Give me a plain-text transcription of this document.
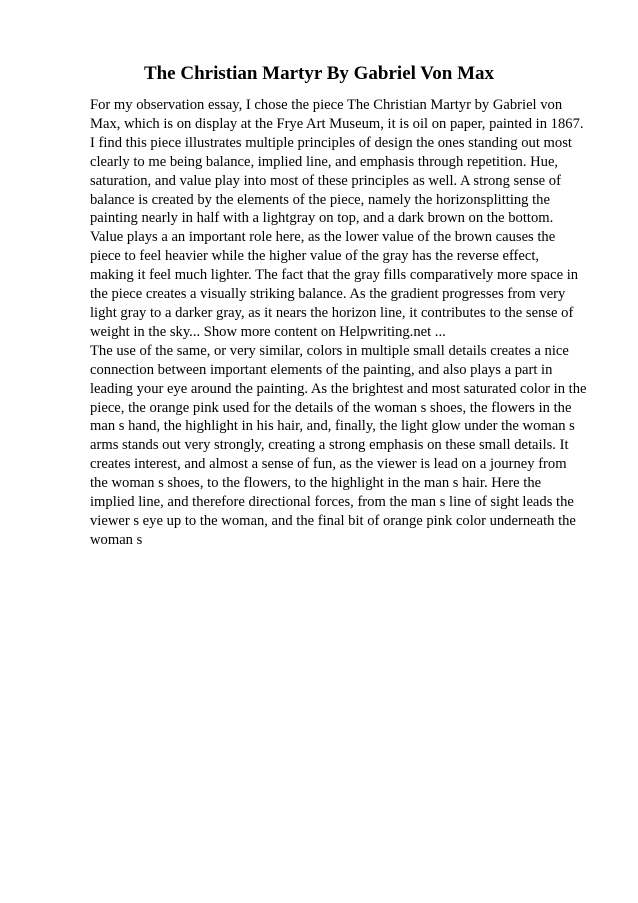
The Christian Martyr By Gabriel Von Max
For my observation essay, I chose the piece The Christian Martyr by Gabriel von
Max, which is on display at the Frye Art Museum, it is oil on paper, painted in 1867.
I find this piece illustrates multiple principles of design the ones standing out most
clearly to me being balance, implied line, and emphasis through repetition. Hue,
saturation, and value play into most of these principles as well. A strong sense of
balance is created by the elements of the piece, namely the horizonsplitting the
painting nearly in half with a lightgray on top, and a dark brown on the bottom.
Value plays a an important role here, as the lower value of the brown causes the
piece to feel heavier while the higher value of the gray has the reverse effect,
making it feel much lighter. The fact that the gray fills comparatively more space in
the piece creates a visually striking balance. As the gradient progresses from very
light gray to a darker gray, as it nears the horizon line, it contributes to the sense of
weight in the sky... Show more content on Helpwriting.net ...
The use of the same, or very similar, colors in multiple small details creates a nice
connection between important elements of the painting, and also plays a part in
leading your eye around the painting. As the brightest and most saturated color in the
piece, the orange pink used for the details of the woman s shoes, the flowers in the
man s hand, the highlight in his hair, and, finally, the light glow under the woman s
arms stands out very strongly, creating a strong emphasis on these small details. It
creates interest, and almost a sense of fun, as the viewer is lead on a journey from
the woman s shoes, to the flowers, to the highlight in the man s hair. Here the
implied line, and therefore directional forces, from the man s line of sight leads the
viewer s eye up to the woman, and the final bit of orange pink color underneath the
woman s
